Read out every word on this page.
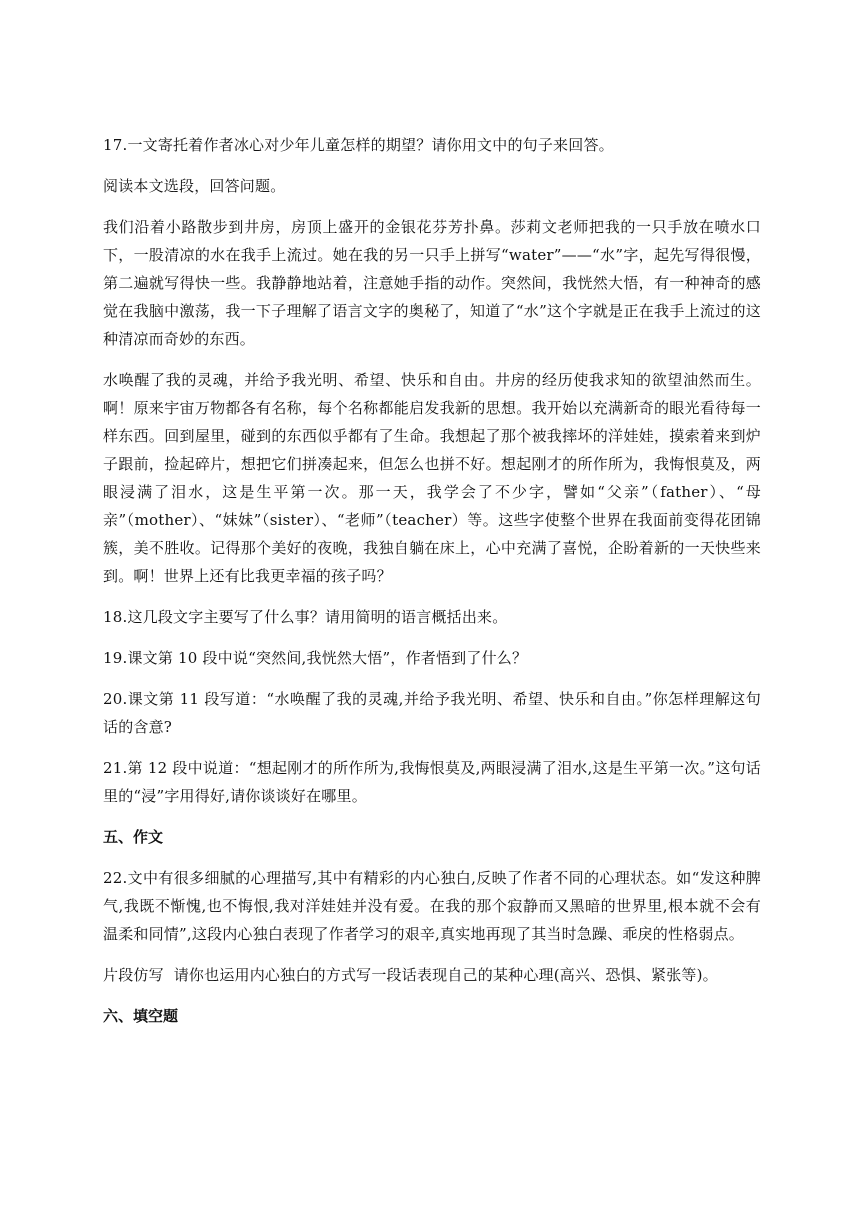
17.一文寄托着作者冰心对少年儿童怎样的期望？请你用文中的句子来回答。

阅读本文选段，回答问题。

我们沿着小路散步到井房，房顶上盛开的金银花芬芳扑鼻。莎莉文老师把我的一只手放在喷水口下，一股清凉的水在我手上流过。她在我的另一只手上拼写“water”——“水”字，起先写得很慢，第二遍就写得快一些。我静静地站着，注意她手指的动作。突然间，我恍然大悟，有一种神奇的感觉在我脑中激荡，我一下子理解了语言文字的奥秘了，知道了“水”这个字就是正在我手上流过的这种清凉而奇妙的东西。

水唤醒了我的灵魂，并给予我光明、希望、快乐和自由。井房的经历使我求知的欲望油然而生。啊！原来宇宙万物都各有名称，每个名称都能启发我新的思想。我开始以充满新奇的眼光看待每一样东西。回到屋里，碰到的东西似乎都有了生命。我想起了那个被我摔坏的洋娃娃，摸索着来到炉子跟前，捡起碎片，想把它们拼凑起来，但怎么也拼不好。想起刚才的所作所为，我悔恨莫及，两眼浸满了泪水，这是生平第一次。那一天，我学会了不少字，譬如“父亲”（father）、“母亲”（mother）、“妹妹”（sister）、“老师”（teacher）等。这些字使整个世界在我面前变得花团锦簇，美不胜收。记得那个美好的夜晚，我独自躺在床上，心中充满了喜悦，企盼着新的一天快些来到。啊！世界上还有比我更幸福的孩子吗？

18.这几段文字主要写了什么事？请用简明的语言概括出来。

19.课文第 10 段中说“突然间,我恍然大悟”，作者悟到了什么？

20.课文第 11 段写道：“水唤醒了我的灵魂,并给予我光明、希望、快乐和自由。”你怎样理解这句话的含意?

21.第 12 段中说道：“想起刚才的所作所为,我悔恨莫及,两眼浸满了泪水,这是生平第一次。”这句话里的“浸”字用得好,请你谈谈好在哪里。

五、作文

22.文中有很多细腻的心理描写,其中有精彩的内心独白,反映了作者不同的心理状态。如“发这种脾气,我既不惭愧,也不悔恨,我对洋娃娃并没有爱。在我的那个寂静而又黑暗的世界里,根本就不会有温柔和同情”,这段内心独白表现了作者学习的艰辛,真实地再现了其当时急躁、乖戾的性格弱点。

片段仿写  请你也运用内心独白的方式写一段话表现自己的某种心理(高兴、恐惧、紧张等)。

六、填空题
